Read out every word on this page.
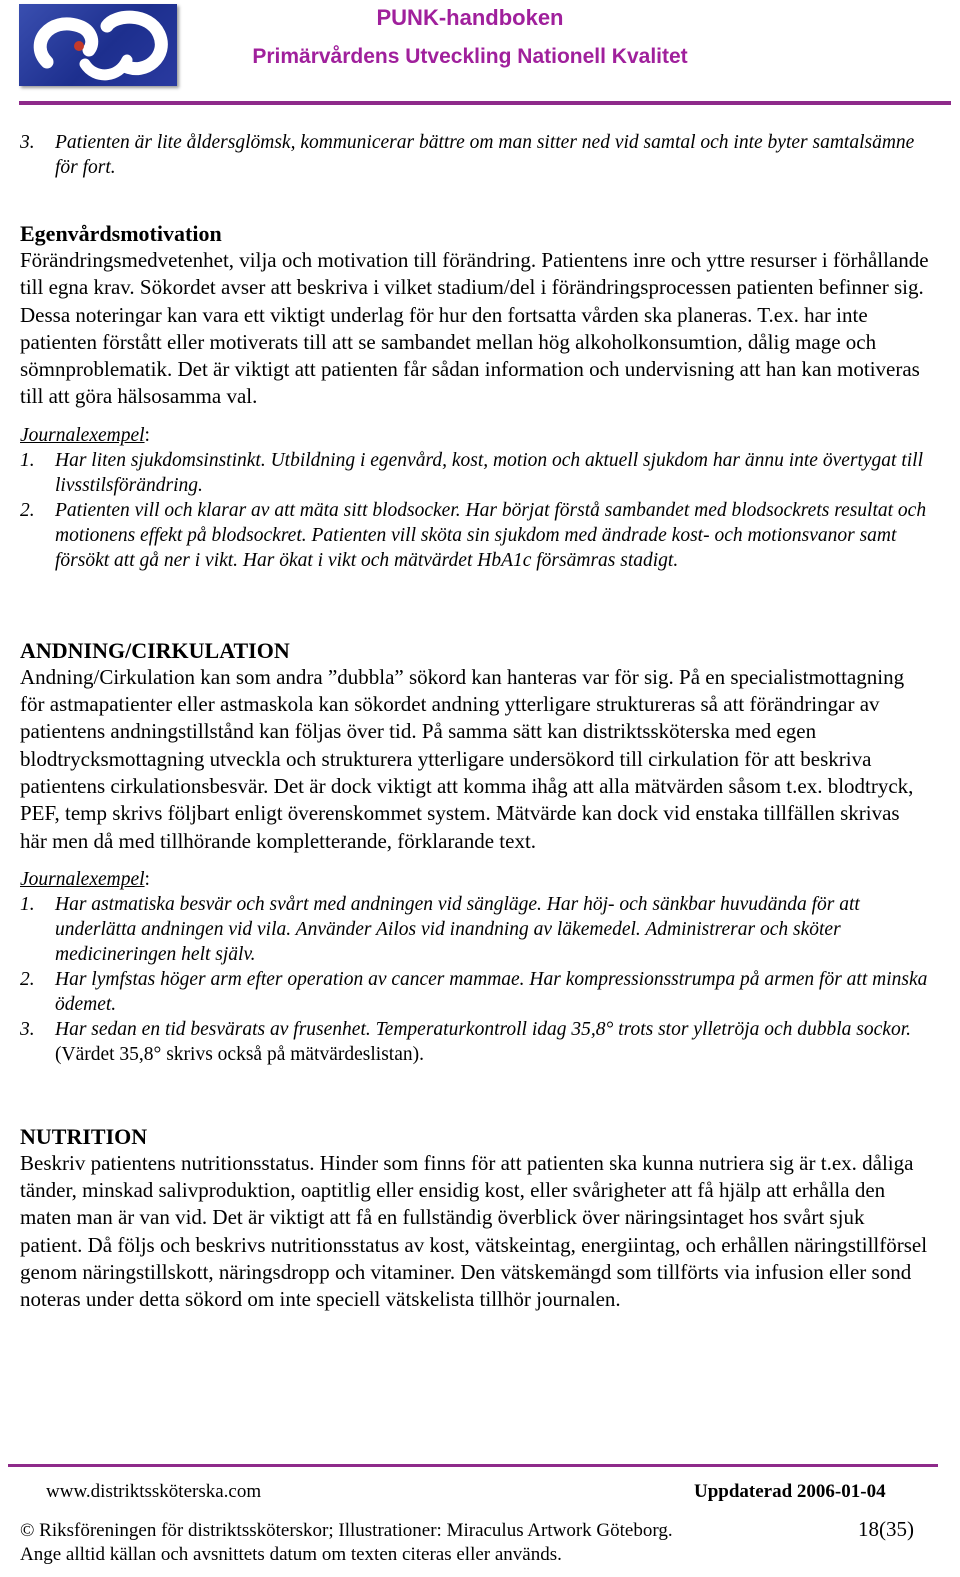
PUNK-handboken
Primärvårdens Utveckling Nationell Kvalitet
3. Patienten är lite åldersglömsk, kommunicerar bättre om man sitter ned vid samtal och inte byter samtalsämne för fort.
Egenvårdsmotivation

Förändringsmedvetenhet, vilja och motivation till förändring. Patientens inre och yttre resurser i förhållande till egna krav. Sökordet avser att beskriva i vilket stadium/del i förändringsprocessen patienten befinner sig. Dessa noteringar kan vara ett viktigt underlag för hur den fortsatta vården ska planeras. T.ex. har inte patienten förstått eller motiverats till att se sambandet mellan hög alkoholkonsumtion, dålig mage och sömnproblematik. Det är viktigt att patienten får sådan information och undervisning att han kan motiveras till att göra hälsosamma val.

Journalexempel:
1. Har liten sjukdomsinstinkt. Utbildning i egenvård, kost, motion och aktuell sjukdom har ännu inte övertygat till livsstilsförändring.
2. Patienten vill och klarar av att mäta sitt blodsocker. Har börjat förstå sambandet med blodsockrets resultat och motionens effekt på blodsockret. Patienten vill sköta sin sjukdom med ändrade kost- och motionsvanor samt försökt att gå ner i vikt. Har ökat i vikt och mätvärdet HbA1c försämras stadigt.
ANDNING/CIRKULATION

Andning/Cirkulation kan som andra ”dubbla” sökord kan hanteras var för sig. På en specialistmottagning för astmapatienter eller astmaskola kan sökordet andning ytterligare struktureras så att förändringar av patientens andningstillstånd kan följas över tid. På samma sätt kan distriktssköterska med egen blodtrycksmottagning utveckla och strukturera ytterligare undersökord till cirkulation för att beskriva patientens cirkulationsbesvär. Det är dock viktigt att komma ihåg att alla mätvärden såsom t.ex. blodtryck, PEF, temp skrivs följbart enligt överenskommet system. Mätvärde kan dock vid enstaka tillfällen skrivas här men då med tillhörande kompletterande, förklarande text.

Journalexempel:
1. Har astmatiska besvär och svårt med andningen vid sängläge. Har höj- och sänkbar huvudända för att underlätta andningen vid vila. Använder Ailos vid inandning av läkemedel. Administrerar och sköter medicineringen helt själv.
2. Har lymfstas höger arm efter operation av cancer mammae. Har kompressionsstrumpa på armen för att minska ödemet.
3. Har sedan en tid besvärats av frusenhet. Temperaturkontroll idag 35,8° trots stor ylletröja och dubbla sockor. (Värdet 35,8° skrivs också på mätvärdeslistan).
NUTRITION

Beskriv patientens nutritionsstatus. Hinder som finns för att patienten ska kunna nutriera sig är t.ex. dåliga tänder, minskad salivproduktion, oaptitlig eller ensidig kost, eller svårigheter att få hjälp att erhålla den maten man är van vid. Det är viktigt att få en fullständig överblick över näringsintaget hos svårt sjuk patient. Då följs och beskrivs nutritionsstatus av kost, vätskeintag, energiintag, och erhållen näringstillförsel genom näringstillskott, näringsdropp och vitaminer. Den vätskemängd som tillförts via infusion eller sond noteras under detta sökord om inte speciell vätskelista tillhör journalen.

www.distriktssköterska.com	Uppdaterad 2006-01-04
© Riksföreningen för distriktssköterskor; Illustrationer: Miraculus Artwork Göteborg.	18(35)
Ange alltid källan och avsnittets datum om texten citeras eller används.
